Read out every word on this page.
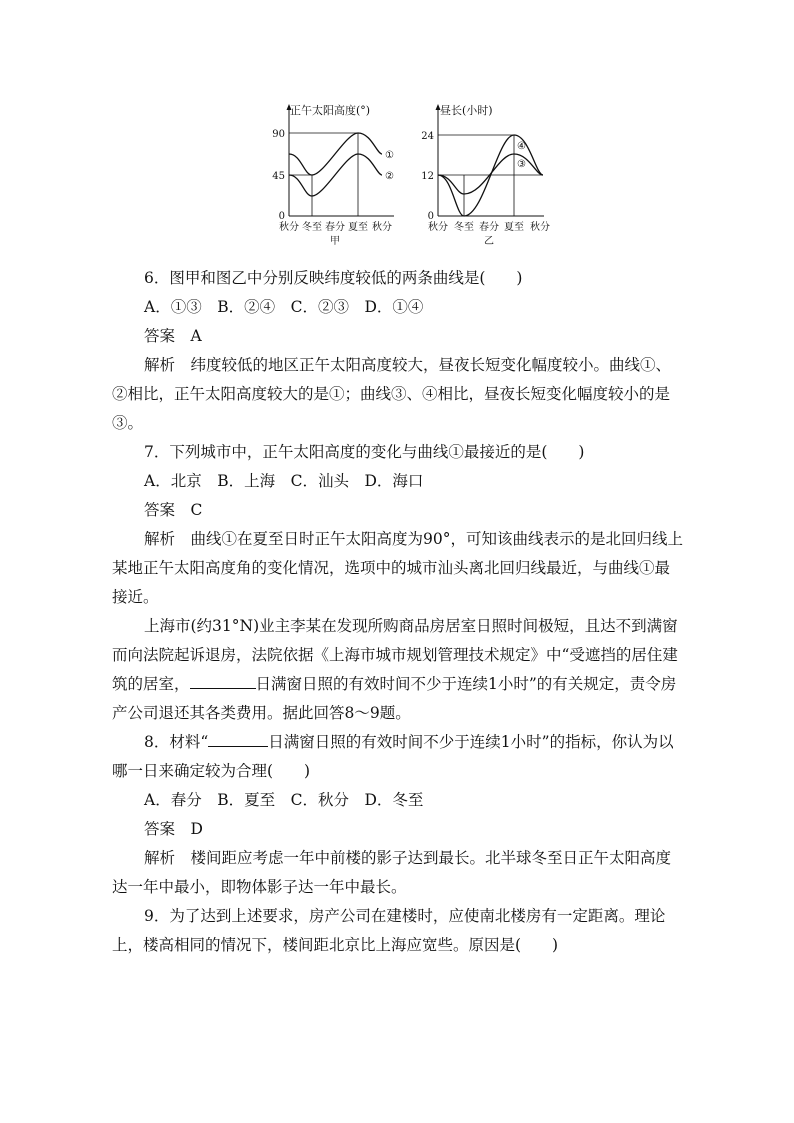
正午太阳高度(°)
90
45
0
①
②
秋分 冬至 春分 夏至 秋分
甲
昼长(小时)
24
12
0
④
③
秋分 冬至 春分 夏至 秋分
乙

6．图甲和图乙中分别反映纬度较低的两条曲线是(　　)

A．①③　B．②④　C．②③　D．①④

答案　 A

解析　 纬度较低的地区正午太阳高度较大，昼夜长短变化幅度较小。曲线①、②相比，正午太阳高度较大的是①；曲线③、④相比，昼夜长短变化幅度较小的是③。

7．下列城市中，正午太阳高度的变化与曲线①最接近的是(　　)

A．北京　B．上海　C．汕头　D．海口

答案　 C

解析　 曲线①在夏至日时正午太阳高度为90°，可知该曲线表示的是北回归线上某地正午太阳高度角的变化情况，选项中的城市汕头离北回归线最近，与曲线①最接近。

上海市(约31°N)业主李某在发现所购商品房居室日照时间极短，且达不到满窗而向法院起诉退房，法院依据《上海市城市规划管理技术规定》中“受遮挡的居住建筑的居室，	日满窗日照的有效时间不少于连续1小时”的有关规定，责令房产公司退还其各类费用。据此回答8～9题。

8．材料“	日满窗日照的有效时间不少于连续1小时”的指标，你认为以哪一日来确定较为合理(　　)

A．春分　B．夏至　C．秋分　D．冬至

答案　 D

解析　 楼间距应考虑一年中前楼的影子达到最长。北半球冬至日正午太阳高度达一年中最小，即物体影子达一年中最长。

9．为了达到上述要求，房产公司在建楼时，应使南北楼房有一定距离。理论上，楼高相同的情况下，楼间距北京比上海应宽些。原因是(　　)
